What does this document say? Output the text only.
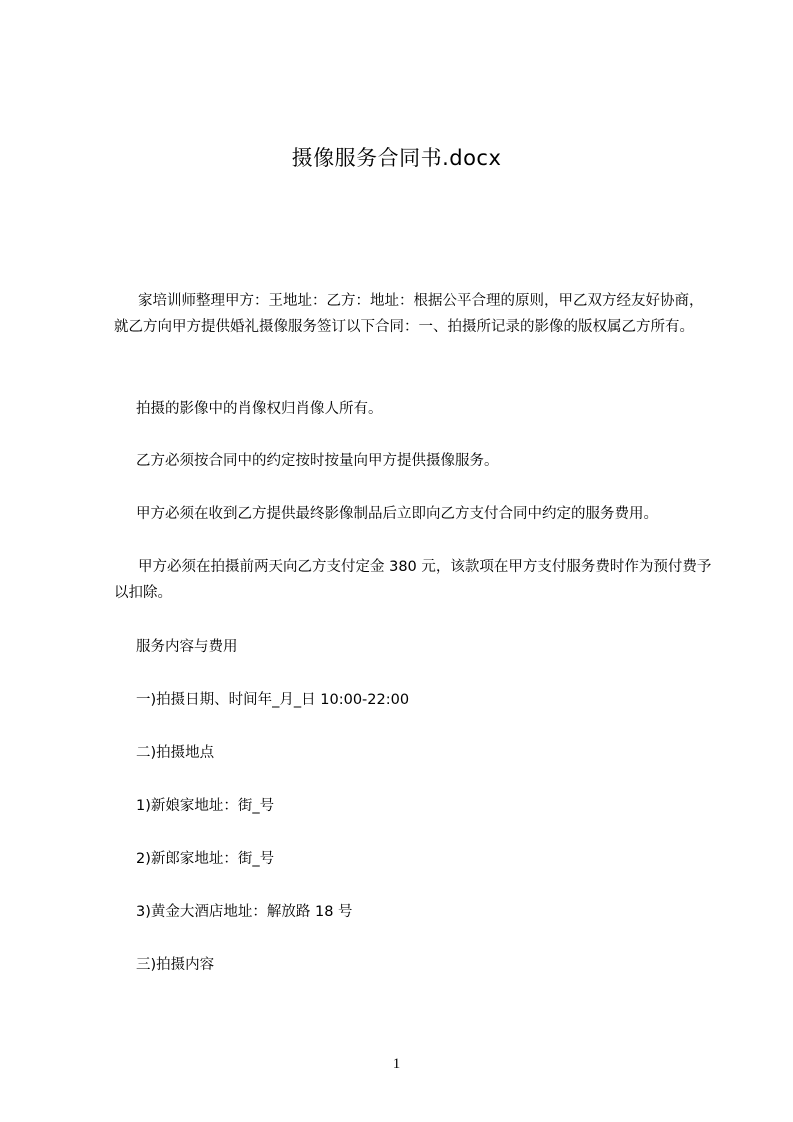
摄像服务合同书.docx

家培训师整理甲方：王地址：乙方：地址：根据公平合理的原则，甲乙双方经友好协商，就乙方向甲方提供婚礼摄像服务签订以下合同：一、拍摄所记录的影像的版权属乙方所有。

拍摄的影像中的肖像权归肖像人所有。

乙方必须按合同中的约定按时按量向甲方提供摄像服务。

甲方必须在收到乙方提供最终影像制品后立即向乙方支付合同中约定的服务费用。

甲方必须在拍摄前两天向乙方支付定金 380 元，该款项在甲方支付服务费时作为预付费予以扣除。

服务内容与费用

一)拍摄日期、时间年_月_日 10:00-22:00

二)拍摄地点

1)新娘家地址：街_号

2)新郎家地址：街_号

3)黄金大酒店地址：解放路 18 号

三)拍摄内容

1
